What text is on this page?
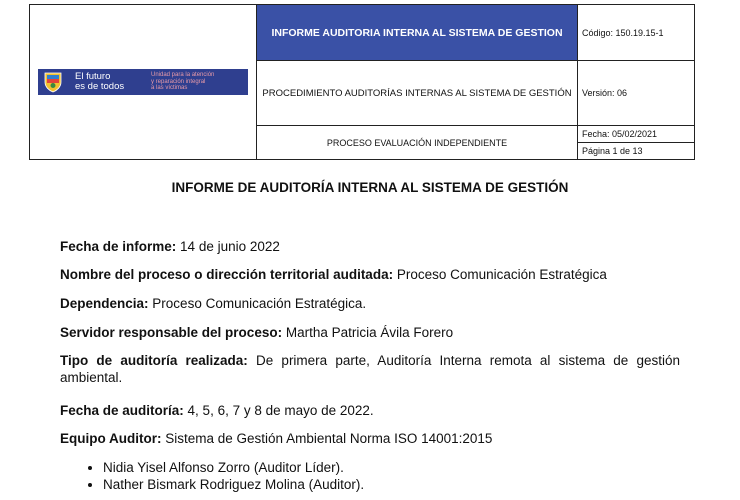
El futuro
es de todos
Unidad para la atención
y reparación integral
a las víctimas	INFORME AUDITORIA INTERNA AL SISTEMA DE GESTION	Código: 150.19.15-1
	PROCEDIMIENTO AUDITORÍAS INTERNAS AL SISTEMA DE GESTIÓN	Versión: 06
	PROCESO EVALUACIÓN INDEPENDIENTE	Fecha: 05/02/2021
Página 1 de 13
INFORME DE AUDITORÍA INTERNA AL SISTEMA DE GESTIÓN
Fecha de informe: 14 de junio 2022
Nombre del proceso o dirección territorial auditada: Proceso Comunicación Estratégica
Dependencia: Proceso Comunicación Estratégica.
Servidor responsable del proceso: Martha Patricia Ávila Forero
Tipo de auditoría realizada: De primera parte, Auditoría Interna remota al sistema de gestión ambiental.
Fecha de auditoría: 4, 5, 6, 7 y 8 de mayo de 2022.
Equipo Auditor: Sistema de Gestión Ambiental Norma ISO 14001:2015
• Nidia Yisel Alfonso Zorro (Auditor Líder).
• Nather Bismark Rodriguez Molina (Auditor).
